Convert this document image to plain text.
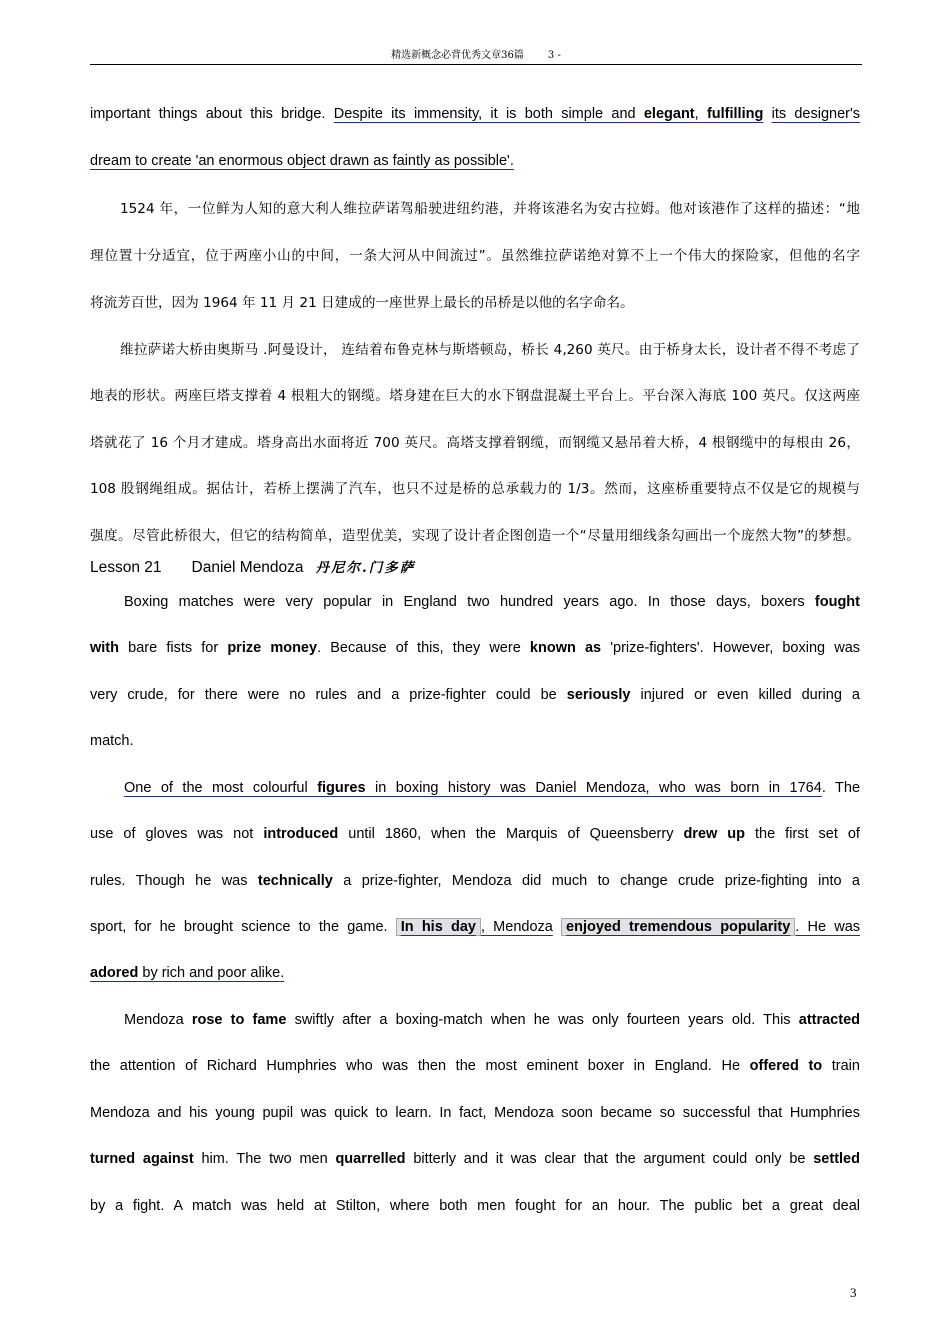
精选新概念必背优秀文章36篇 3 -
important things about this bridge. Despite its immensity, it is both simple and elegant, fulfilling its designer's
dream to create 'an enormous object drawn as faintly as possible'.
1524 年，一位鲜为人知的意大利人维拉萨诺驾船驶进纽约港，并将该港名为安古拉姆。他对该港作了这样的描述：“地
理位置十分适宜，位于两座小山的中间，一条大河从中间流过”。虽然维拉萨诺绝对算不上一个伟大的探险家，但他的名字
将流芳百世，因为 1964 年 11 月 21 日建成的一座世界上最长的吊桥是以他的名字命名。
维拉萨诺大桥由奥斯马 .阿曼设计， 连结着布鲁克林与斯塔顿岛，桥长 4,260 英尺。由于桥身太长，设计者不得不考虑了
地表的形状。两座巨塔支撑着 4 根粗大的钢缆。塔身建在巨大的水下钢盘混凝土平台上。平台深入海底 100 英尺。仅这两座
塔就花了 16 个月才建成。塔身高出水面将近 700 英尺。高塔支撑着钢缆，而钢缆又悬吊着大桥，4 根钢缆中的每根由 26，
108 股钢绳组成。据估计，若桥上摆满了汽车，也只不过是桥的总承载力的 1/3。然而，这座桥重要特点不仅是它的规模与
强度。尽管此桥很大，但它的结构简单，造型优美，实现了设计者企图创造一个“尽量用细线条勾画出一个庞然大物”的梦想。
Lesson 21 Daniel Mendoza 丹尼尔.门多萨
Boxing matches were very popular in England two hundred years ago. In those days, boxers fought
with bare fists for prize money. Because of this, they were known as 'prize-fighters'. However, boxing was
very crude, for there were no rules and a prize-fighter could be seriously injured or even killed during a
match.
One of the most colourful figures in boxing history was Daniel Mendoza, who was born in 1764. The
use of gloves was not introduced until 1860, when the Marquis of Queensberry drew up the first set of
rules. Though he was technically a prize-fighter, Mendoza did much to change crude prize-fighting into a
sport, for he brought science to the game. In his day , Mendoza enjoyed tremendous popularity . He was
adored by rich and poor alike.
Mendoza rose to fame swiftly after a boxing-match when he was only fourteen years old. This attracted
the attention of Richard Humphries who was then the most eminent boxer in England. He offered to train
Mendoza and his young pupil was quick to learn. In fact, Mendoza soon became so successful that Humphries
turned against him. The two men quarrelled bitterly and it was clear that the argument could only be settled
by a fight. A match was held at Stilton, where both men fought for an hour. The public bet a great deal
3
